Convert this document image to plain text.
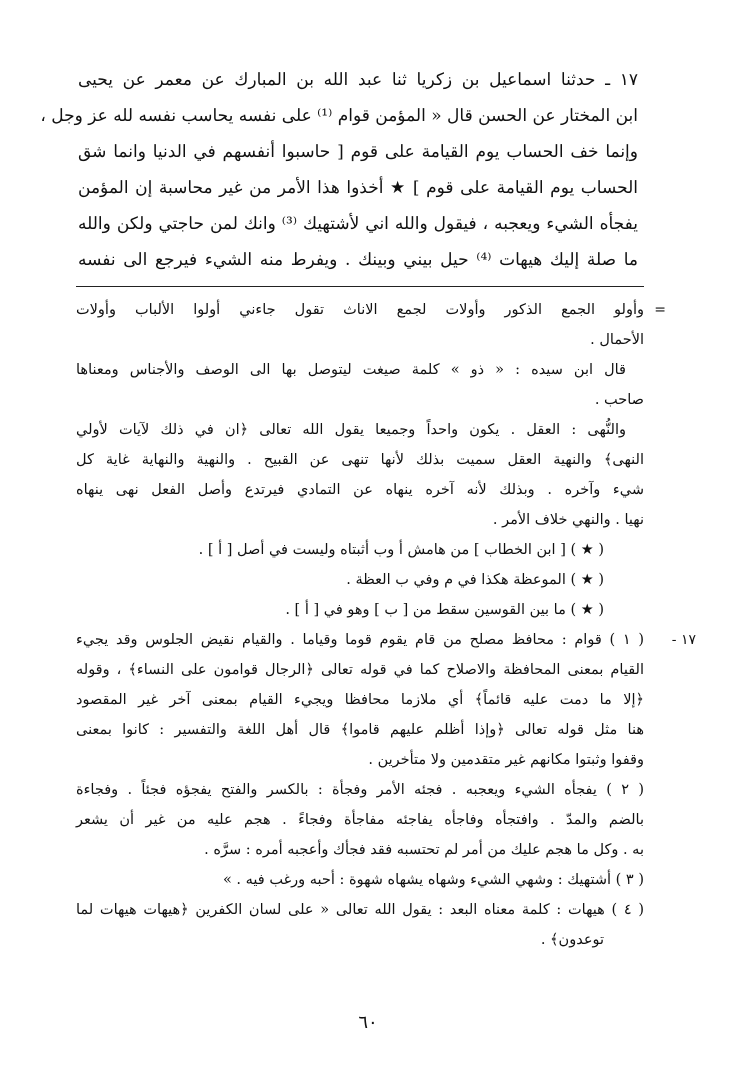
١٧ ـ حدثنا اسماعيل بن زكريا ثنا عبد الله بن المبارك عن معمر عن يحيى
ابن المختار عن الحسن قال « المؤمن قوام ⁽¹⁾ على نفسه يحاسب نفسه لله عز وجل ،
وإنما خف الحساب يوم القيامة على قوم [ حاسبوا أنفسهم في الدنيا وانما شق
الحساب يوم القيامة على قوم ] ★ أخذوا هذا الأمر من غير محاسبة إن المؤمن
يفجأه الشيء ويعجبه ، فيقول والله اني لأشتهيك ⁽³⁾ وانك لمن حاجتي ولكن والله
ما صلة إليك هيهات ⁽⁴⁾ حيل بيني وبينك . ويفرط منه الشيء فيرجع الى نفسه
=
وأولو الجمع الذكور وأولات لجمع الاناث تقول جاءني أولوا الألباب وأولات
الأحمال .
قال ابن سيده : « ذو » كلمة صيغت ليتوصل بها الى الوصف والأجناس ومعناها
صاحب .
والنُّهى : العقل . يكون واحداً وجميعا يقول الله تعالى ﴿ان في ذلك لآيات لأولي
النهى﴾ والنهية العقل سميت بذلك لأنها تنهى عن القبيح . والنهية والنهاية غاية كل
شيء وآخره . وبذلك لأنه آخره ينهاه عن التمادي فيرتدع وأصل الفعل نهى ينهاه
نهيا . والنهي خلاف الأمر .
( ★ ) [ ابن الخطاب ] من هامش أ وب أثبتاه وليست في أصل [ أ ] .
( ★ ) الموعظة هكذا في م وفي ب العظة .
( ★ ) ما بين القوسين سقط من [ ب ] وهو في [ أ ] .
١٧ -
( ١ ) قوام : محافظ مصلح من قام يقوم قوما وقياما . والقيام نقيض الجلوس وقد يجيء
القيام بمعنى المحافظة والاصلاح كما في قوله تعالى ﴿الرجال قوامون على النساء﴾ ، وقوله
﴿إلا ما دمت عليه قائماً﴾ أي ملازما محافظا ويجيء القيام بمعنى آخر غير المقصود
هنا مثل قوله تعالى ﴿وإذا أظلم عليهم قاموا﴾ قال أهل اللغة والتفسير : كانوا بمعنى
وقفوا وثبتوا مكانهم غير متقدمين ولا متأخرين .
( ٢ ) يفجأه الشيء ويعجبه . فجئه الأمر وفجأة : بالكسر والفتح يفجؤه فجئاً . وفجاءة
بالضم والمدّ . وافتجأه وفاجأه يفاجئه مفاجأة وفجاءً . هجم عليه من غير أن يشعر
به . وكل ما هجم عليك من أمر لم تحتسبه فقد فجأك وأعجبه أمره : سرَّه .
( ٣ ) أشتهيك : وشهي الشيء وشهاه يشهاه شهوة : أحبه ورغب فيه . »
( ٤ ) هيهات : كلمة معناه البعد : يقول الله تعالى « على لسان الكفرين ﴿هيهات هيهات لما
توعدون﴾ .
٦٠
